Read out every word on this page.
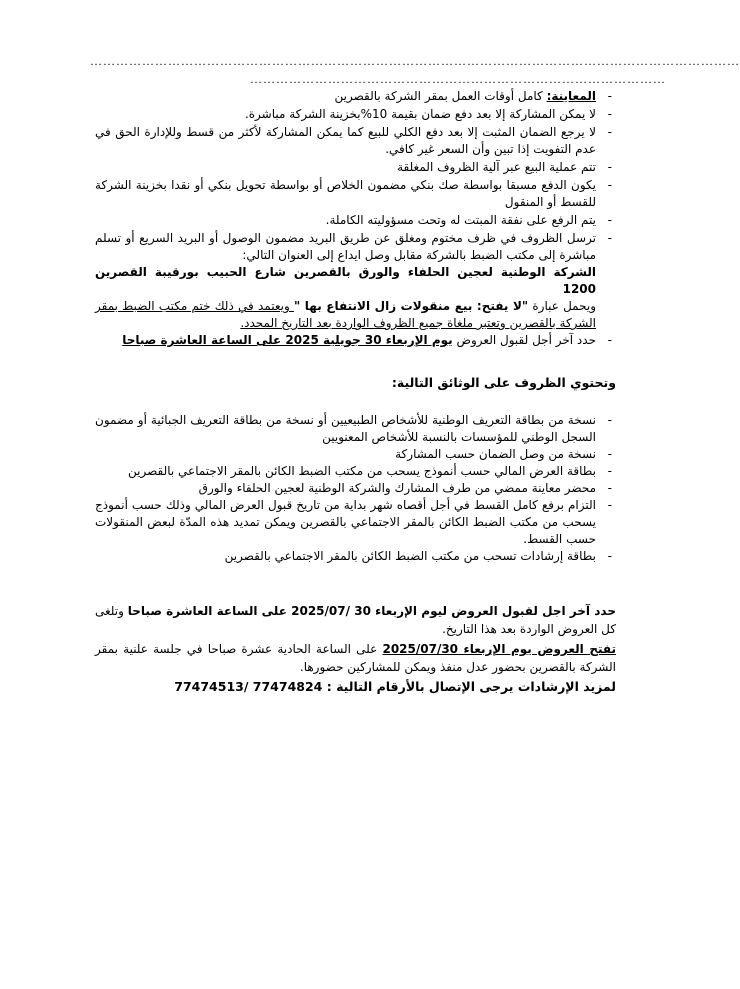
……………………………………………………………………………………………………………………………………
……………………………………………………………………………………
-
المعاينة: كامل أوقات العمل بمقر الشركة بالقصرين
-
لا يمكن المشاركة إلا بعد دفع ضمان بقيمة 10%بخزينة الشركة مباشرة.
-
لا يرجع الضمان المثبت إلا بعد دفع الكلي للبيع كما يمكن المشاركة لأكثر من قسط وللإدارة الحق في عدم التفويت إذا تبين وأن السعر غير كافي.
-
تتم عملية البيع عبر آلية الظروف المغلقة
-
يكون الدفع مسبقا بواسطة صك بنكي مضمون الخلاص أو بواسطة تحويل بنكي أو نقدا بخزينة الشركة للقسط أو المنقول
-
يتم الرفع على نفقة المبتت له وتحت مسؤوليته الكاملة.
-
ترسل الظروف في ظرف مختوم ومغلق عن طريق البريد مضمون الوصول أو البريد السريع أو تسلم مباشرة إلى مكتب الضبط بالشركة مقابل وصل ايداع إلى العنوان التالي:
الشركة الوطنية لعجين الحلفاء والورق بالقصرين شارع الحبيب بورقيبة القصرين 1200
ويحمل عبارة "لا يفتح: بيع منقولات زال الانتفاع بها " ويعتمد في ذلك ختم مكتب الضبط بمقر الشركة بالقصرين وتعتبر ملغاة جميع الظروف الواردة بعد التاريخ المحدد.
-
حدد آخر أجل لقبول العروض يوم الإربعاء 30 جويلية 2025 على الساعة العاشرة صباحا
وتحتوي الظروف على الوثائق التالية:
-
نسخة من بطاقة التعريف الوطنية للأشخاص الطبيعيين أو نسخة من بطاقة التعريف الجبائية أو مضمون السجل الوطني للمؤسسات بالنسبة للأشخاص المعنويين
-
نسخة من وصل الضمان حسب المشاركة
-
بطاقة العرض المالي حسب أنموذج يسحب من مكتب الضبط الكائن بالمقر الاجتماعي بالقصرين
-
محضر معاينة ممضي من طرف المشارك والشركة الوطنية لعجين الحلفاء والورق
-
التزام برفع كامل القسط في أجل أقصاه شهر بداية من تاريخ قبول العرض المالي وذلك حسب أنموذج يسحب من مكتب الضبط الكائن بالمقر الاجتماعي بالقصرين ويمكن تمديد هذه المدّة لبعض المنقولات حسب القسط.
-
بطاقة إرشادات تسحب من مكتب الضبط الكائن بالمقر الاجتماعي بالقصرين
حدد آخر اجل لقبول العروض ليوم الإربعاء 30 /2025/07 على الساعة العاشرة صباحا وتلغى كل العروض الواردة بعد هذا التاريخ.
تفتح العروض يوم الإربعاء 2025/07/30 على الساعة الحادية عشرة صباحا في جلسة علنية بمقر الشركة بالقصرين بحضور عدل منفذ ويمكن للمشاركين حضورها.
لمزيد الإرشادات يرجى الإتصال بالأرقام التالية : 77474824 /77474513
